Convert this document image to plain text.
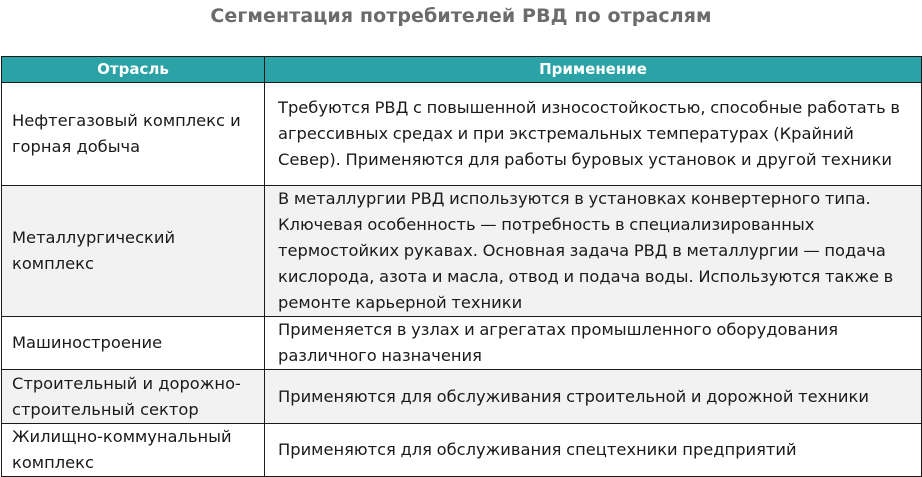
Сегментация потребителей РВД по отраслям
Отрасль	Применение
Нефтегазовый комплекс и горная добыча	Требуются РВД с повышенной износостойкостью, способные работать в агрессивных средах и при экстремальных температурах (Крайний Север). Применяются для работы буровых установок и другой техники
Металлургический комплекс	В металлургии РВД используются в установках конвертерного типа. Ключевая особенность — потребность в специализированных термостойких рукавах. Основная задача РВД в металлургии — подача кислорода, азота и масла, отвод и подача воды. Используются также в ремонте карьерной техники
Машиностроение	Применяется в узлах и агрегатах промышленного оборудования различного назначения
Строительный и дорожно-строительный сектор	Применяются для обслуживания строительной и дорожной техники
Жилищно-коммунальный комплекс	Применяются для обслуживания спецтехники предприятий
